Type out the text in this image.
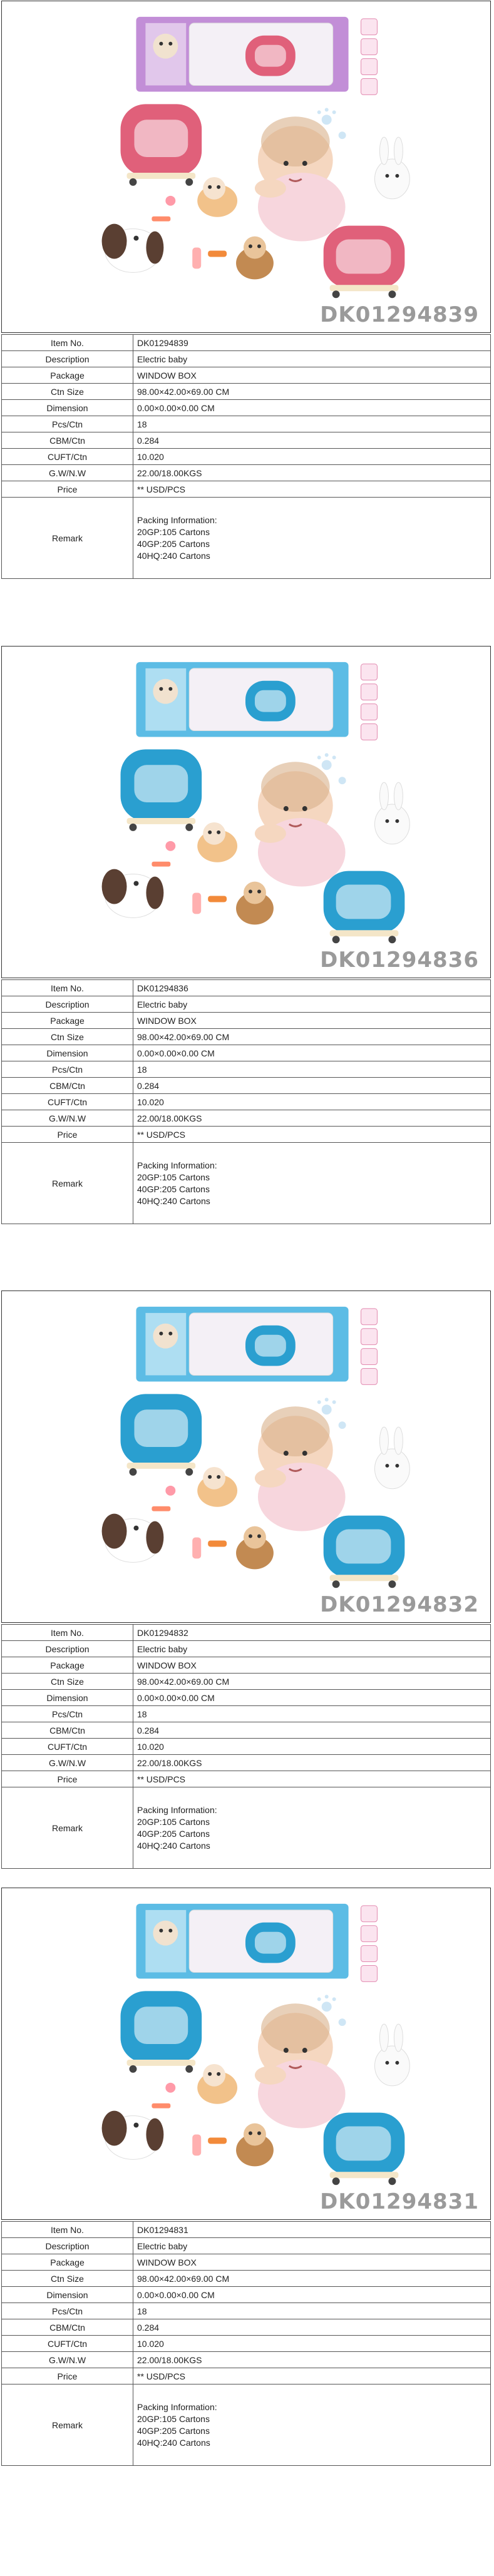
DK01294839
Item No.	DK01294839
Description	Electric baby
Package	WINDOW BOX
Ctn Size	98.00×42.00×69.00 CM
Dimension	0.00×0.00×0.00 CM
Pcs/Ctn	18
CBM/Ctn	0.284
CUFT/Ctn	10.020
G.W/N.W	22.00/18.00KGS
Price	** USD/PCS
Remark	Packing Information:
20GP:105 Cartons
40GP:205 Cartons
40HQ:240 Cartons
DK01294836
Item No.	DK01294836
Description	Electric baby
Package	WINDOW BOX
Ctn Size	98.00×42.00×69.00 CM
Dimension	0.00×0.00×0.00 CM
Pcs/Ctn	18
CBM/Ctn	0.284
CUFT/Ctn	10.020
G.W/N.W	22.00/18.00KGS
Price	** USD/PCS
Remark	Packing Information:
20GP:105 Cartons
40GP:205 Cartons
40HQ:240 Cartons
DK01294832
Item No.	DK01294832
Description	Electric baby
Package	WINDOW BOX
Ctn Size	98.00×42.00×69.00 CM
Dimension	0.00×0.00×0.00 CM
Pcs/Ctn	18
CBM/Ctn	0.284
CUFT/Ctn	10.020
G.W/N.W	22.00/18.00KGS
Price	** USD/PCS
Remark	Packing Information:
20GP:105 Cartons
40GP:205 Cartons
40HQ:240 Cartons
DK01294831
Item No.	DK01294831
Description	Electric baby
Package	WINDOW BOX
Ctn Size	98.00×42.00×69.00 CM
Dimension	0.00×0.00×0.00 CM
Pcs/Ctn	18
CBM/Ctn	0.284
CUFT/Ctn	10.020
G.W/N.W	22.00/18.00KGS
Price	** USD/PCS
Remark	Packing Information:
20GP:105 Cartons
40GP:205 Cartons
40HQ:240 Cartons
